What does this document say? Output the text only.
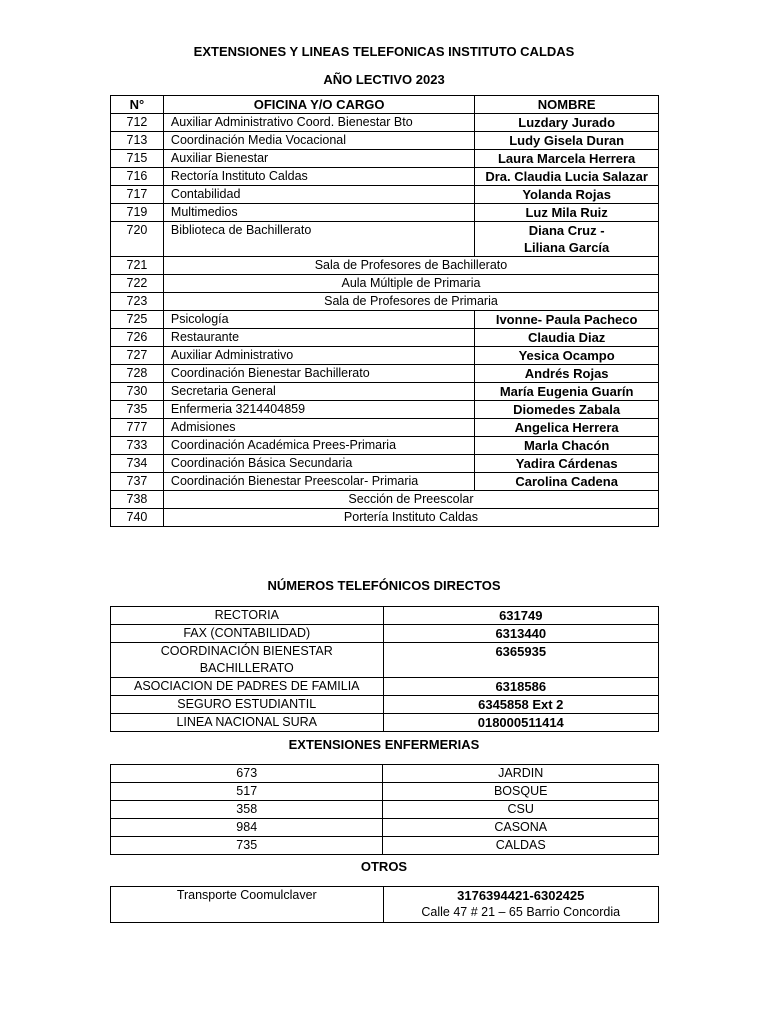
EXTENSIONES Y LINEAS TELEFONICAS INSTITUTO CALDAS
AÑO LECTIVO 2023
N°	OFICINA Y/O CARGO	NOMBRE
712	Auxiliar Administrativo Coord. Bienestar Bto	Luzdary Jurado

713	Coordinación Media Vocacional	Ludy Gisela Duran

715	Auxiliar Bienestar	Laura Marcela Herrera

716	Rectoría Instituto Caldas	Dra. Claudia Lucia Salazar

717	Contabilidad	Yolanda Rojas

719	Multimedios	Luz Mila Ruiz

720	Biblioteca de Bachillerato	Diana Cruz -
Liliana García

721	Sala de Profesores de Bachillerato	
722	Aula Múltiple de Primaria	
723	Sala de Profesores de Primaria	
725	Psicología	Ivonne- Paula Pacheco

726	Restaurante	Claudia Diaz

727	Auxiliar Administrativo	Yesica Ocampo

728	Coordinación Bienestar Bachillerato	Andrés Rojas

730	Secretaria General	María Eugenia Guarín

735	Enfermeria 3214404859	Diomedes Zabala

777	Admisiones	Angelica Herrera

733	Coordinación Académica Prees-Primaria	Marla Chacón

734	Coordinación Básica Secundaria	Yadira Cárdenas

737	Coordinación Bienestar Preescolar- Primaria	Carolina Cadena

738	Sección de Preescolar	
740	Portería Instituto Caldas	
NÚMEROS TELEFÓNICOS DIRECTOS
RECTORIA	631749

FAX (CONTABILIDAD)	6313440

COORDINACIÓN BIENESTAR
BACHILLERATO	6365935

ASOCIACION DE PADRES DE FAMILIA	6318586

SEGURO ESTUDIANTIL	6345858 Ext 2

LINEA NACIONAL SURA	018000511414
EXTENSIONES ENFERMERIAS
673	JARDIN
517	BOSQUE
358	CSU
984	CASONA
735	CALDAS
OTROS
Transporte Coomulclaver	3176394421-6302425
Calle 47 # 21 – 65 Barrio Concordia
